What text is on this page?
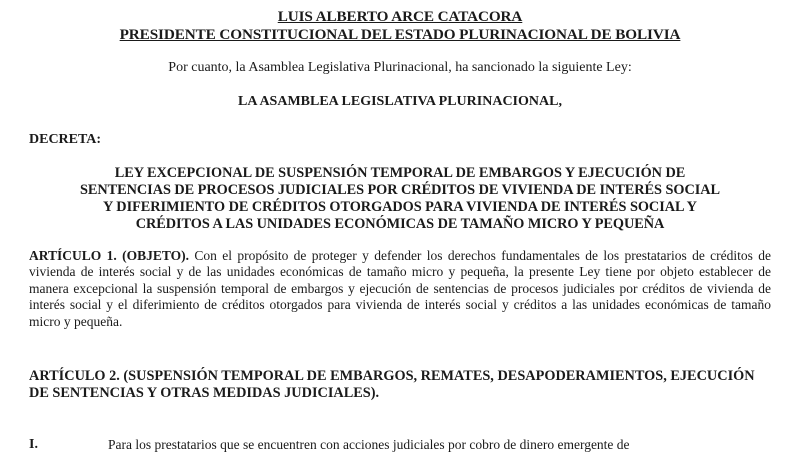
LUIS ALBERTO ARCE CATACORA

PRESIDENTE CONSTITUCIONAL DEL ESTADO PLURINACIONAL DE BOLIVIA

Por cuanto, la Asamblea Legislativa Plurinacional, ha sancionado la siguiente Ley:

LA ASAMBLEA LEGISLATIVA PLURINACIONAL,

DECRETA:

LEY EXCEPCIONAL DE SUSPENSIÓN TEMPORAL DE EMBARGOS Y EJECUCIÓN DE

SENTENCIAS DE PROCESOS JUDICIALES POR CRÉDITOS DE VIVIENDA DE INTERÉS SOCIAL

Y DIFERIMIENTO DE CRÉDITOS OTORGADOS PARA VIVIENDA DE INTERÉS SOCIAL Y

CRÉDITOS A LAS UNIDADES ECONÓMICAS DE TAMAÑO MICRO Y PEQUEÑA

ARTÍCULO 1. (OBJETO). Con el propósito de proteger y defender los derechos fundamentales de los prestatarios de créditos de vivienda de interés social y de las unidades económicas de tamaño micro y pequeña, la presente Ley tiene por objeto establecer de manera excepcional la suspensión temporal de embargos y ejecución de sentencias de procesos judiciales por créditos de vivienda de interés social y el diferimiento de créditos otorgados para vivienda de interés social y créditos a las unidades económicas de tamaño micro y pequeña.

ARTÍCULO 2. (SUSPENSIÓN TEMPORAL DE EMBARGOS, REMATES, DESAPODERAMIENTOS, EJECUCIÓN DE SENTENCIAS Y OTRAS MEDIDAS JUDICIALES).

I.	Para los prestatarios que se encuentren con acciones judiciales por cobro de dinero emergente de
